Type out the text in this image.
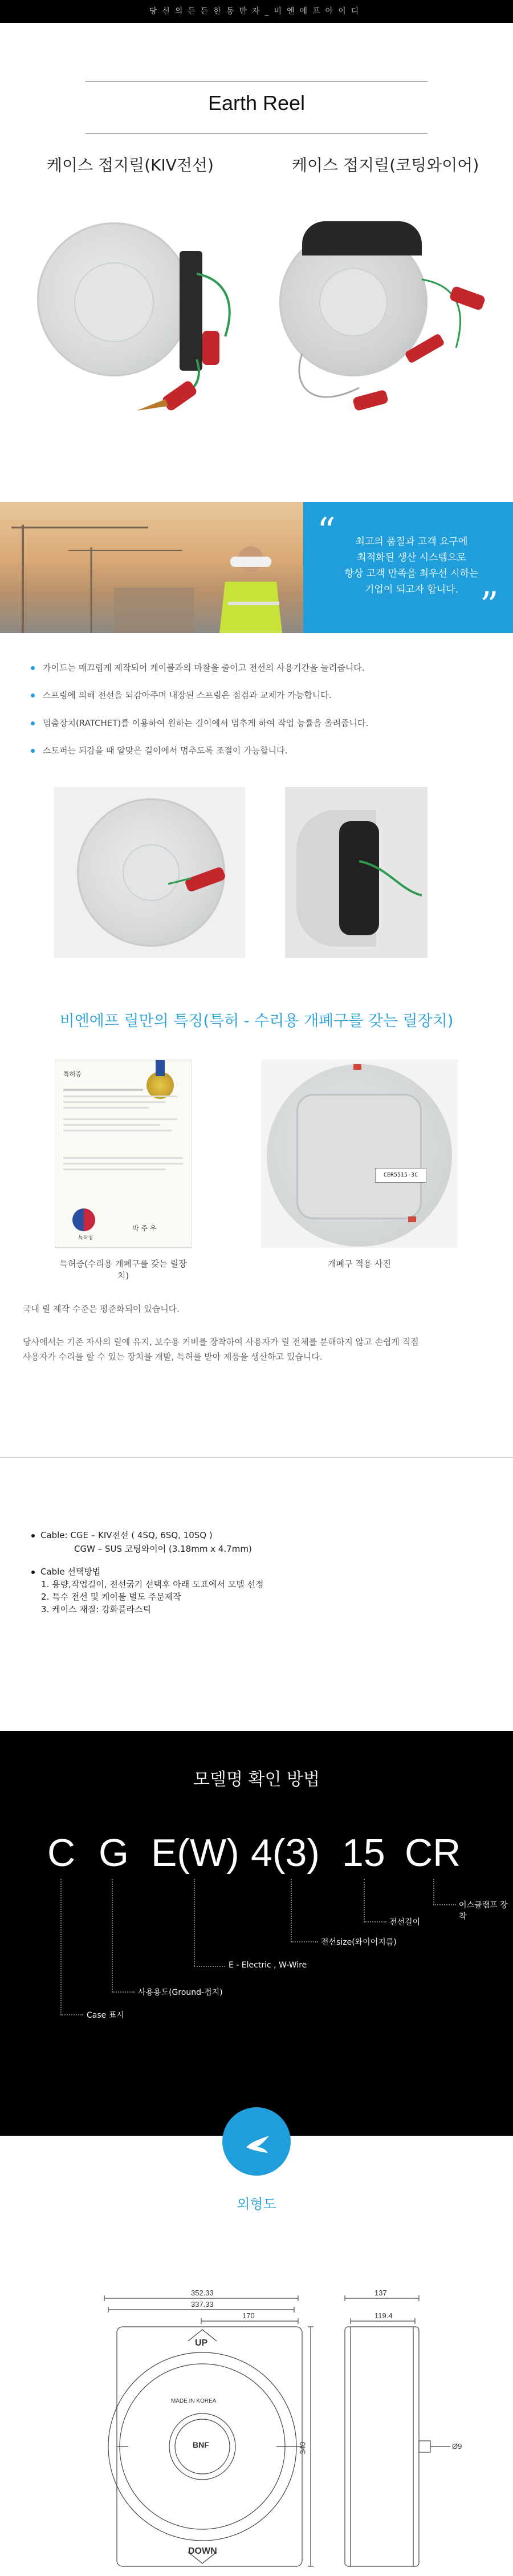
당신의든든한동반자_비엔에프아이디
Earth Reel
케이스 접지릴(KIV전선)	케이스 접지릴(코팅와이어)
“	최고의 품질과 고객 요구에
최적화된 생산 시스템으로
항상 고객 만족을 최우선 시하는
기업이 되고자 합니다. ”
가이드는 매끄럽게 제작되어 케이블과의 마찰을 줄이고 전선의 사용기간을 늘려줍니다.
스프링에 의해 전선을 되감아주며 내장된 스프링은 점검과 교체가 가능합니다.
멈춤장치(RATCHET)를 이용하여 원하는 길이에서 멈추게 하여 작업 능률을 올려줍니다.
스토퍼는 되감을 때 알맞은 길이에서 멈추도록 조절이 가능합니다.
비엔에프 릴만의 특징(특허 - 수리용 개폐구를 갖는 릴장치)
특허증
특허청
박 주 우
특허증(수리용 개폐구를 갖는 릴장치)
CER5515-3C
개폐구 적용 사진
국내 릴 제작 수준은 평준화되어 있습니다.
당사에서는 기존 자사의 릴에 유지, 보수용 커버를 장착하여 사용자가 릴 전체를 분해하지 않고 손쉽게 직접
사용자가 수리를 할 수 있는 장치를 개발, 특허를 받아 제품을 생산하고 있습니다.
Cable: CGE – KIV전선 ( 4SQ, 6SQ, 10SQ )
CGW – SUS 코팅와이어 (3.18mm x 4.7mm)
Cable 선택방법
1. 용량,작업길이, 전선굵기 선택후 아래 도표에서 모델 선정
2. 특수 전선 및 케이블 별도 주문제작
3. 케이스 재질: 강화플라스틱
모델명 확인 방법
C G E(W) 4(3) 15 CR
Case 표시
사용용도(Ground-접지)
E - Electric , W-Wire
전선size(와이어지름)
전선길이
어스클램프 장착
외형도
352.33
337.33
170
340
137
119.4
Ø9
UP
DOWN
BNF
MADE IN KOREA
